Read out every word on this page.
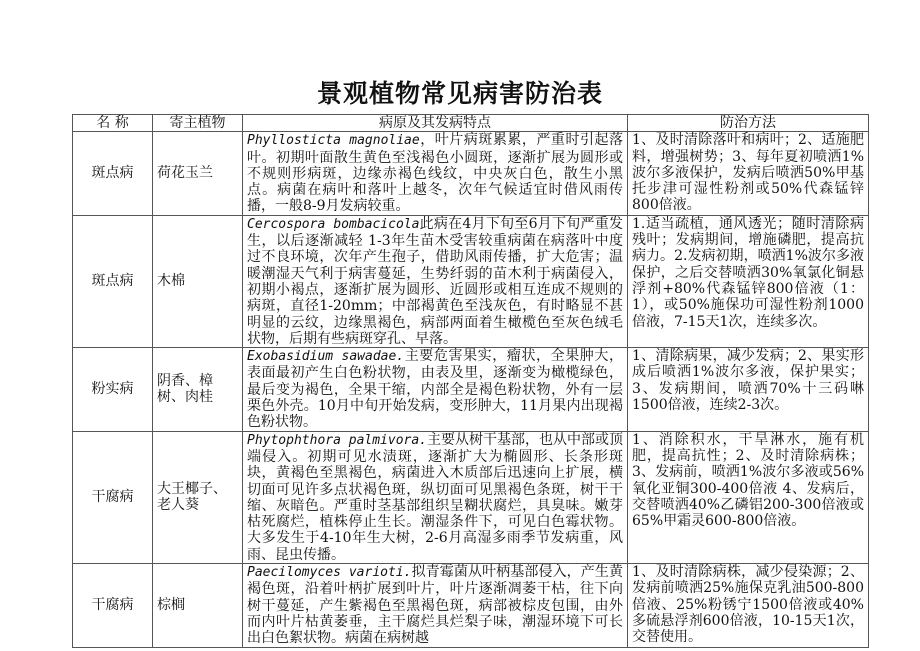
景观植物常见病害防治表
名 称	寄主植物	病原及其发病特点	防治方法
斑点病	荷花玉兰	Phyllosticta magnoliae，叶片病斑累累，严重时引起落叶。初期叶面散生黄色至浅褐色小圆斑，逐渐扩展为圆形或不规则形病斑，边缘赤褐色线纹，中央灰白色，散生小黑点。病菌在病叶和落叶上越冬，次年气候适宜时借风雨传播，一般8-9月发病较重。	1、及时清除落叶和病叶；2、适施肥料，增强树势；3、每年夏初喷洒1%波尔多液保护，发病后喷洒50%甲基托步津可湿性粉剂或50%代森锰锌800倍液。
斑点病	木棉	Cercospora bombacicola此病在4月下旬至6月下旬严重发生，以后逐渐减轻 1-3年生苗木受害较重病菌在病落叶中度过不良环境，次年产生孢子，借助风雨传播，扩大危害；温暖潮湿天气利于病害蔓延，生势纤弱的苗木利于病菌侵入，初期小褐点，逐渐扩展为圆形、近圆形或相互连成不规则的病斑，直径1-20mm；中部褐黄色至浅灰色，有时略显不甚明显的云纹，边缘黑褐色，病部两面着生橄榄色至灰色绒毛状物，后期有些病斑穿孔、早落。	1.适当疏植，通风透光；随时清除病残叶；发病期间，增施磷肥，提高抗病力。2.发病初期，喷洒1%波尔多液保护，之后交替喷洒30%氧氯化铜悬浮剂+80%代森锰锌800倍液（1：1），或50%施保功可湿性粉剂1000倍液，7-15天1次，连续多次。
粉实病	阴香、樟树、肉桂	Exobasidium sawadae.主要危害果实，瘤状，全果肿大，表面最初产生白色粉状物，由表及里，逐渐变为橄榄绿色，最后变为褐色，全果干缩，内部全是褐色粉状物，外有一层栗色外壳。10月中旬开始发病，变形肿大，11月果内出现褐色粉状物。	1、清除病果，减少发病；2、果实形成后喷洒1%波尔多液，保护果实；3、发病期间，喷洒70%十三码啉1500倍液，连续2-3次。
干腐病	大王椰子、老人葵	Phytophthora palmivora.主要从树干基部，也从中部或顶端侵入。初期可见水渍斑，逐渐扩大为椭圆形、长条形斑块，黄褐色至黑褐色，病菌进入木质部后迅速向上扩展，横切面可见许多点状褐色斑，纵切面可见黑褐色条斑，树干干缩、灰暗色。严重时茎基部组织呈糊状腐烂，具臭味。嫩芽枯死腐烂，植株停止生长。潮湿条件下，可见白色霉状物。大多发生于4-10年生大树，2-6月高湿多雨季节发病重，风雨、昆虫传播。	1、消除积水，干旱淋水，施有机肥，提高抗性；2、及时清除病株；3、发病前，喷洒1%波尔多液或56%氧化亚铜300-400倍液 4、发病后，交替喷洒40%乙磷铝200-300倍液或65%甲霜灵600-800倍液。
干腐病	棕榈	Paecilomyces varioti.拟青霉菌从叶柄基部侵入，产生黄褐色斑，沿着叶柄扩展到叶片，叶片逐渐凋萎干枯，往下向树干蔓延，产生紫褐色至黑褐色斑，病部被棕皮包围，由外而内叶片枯黄萎垂，主干腐烂具烂梨子味，潮湿环境下可长出白色絮状物。病菌在病树越	1、及时清除病株，减少侵染源；2、发病前喷洒25%施保克乳油500-800倍液、25%粉锈宁1500倍液或40%多硫悬浮剂600倍液，10-15天1次，交替使用。
